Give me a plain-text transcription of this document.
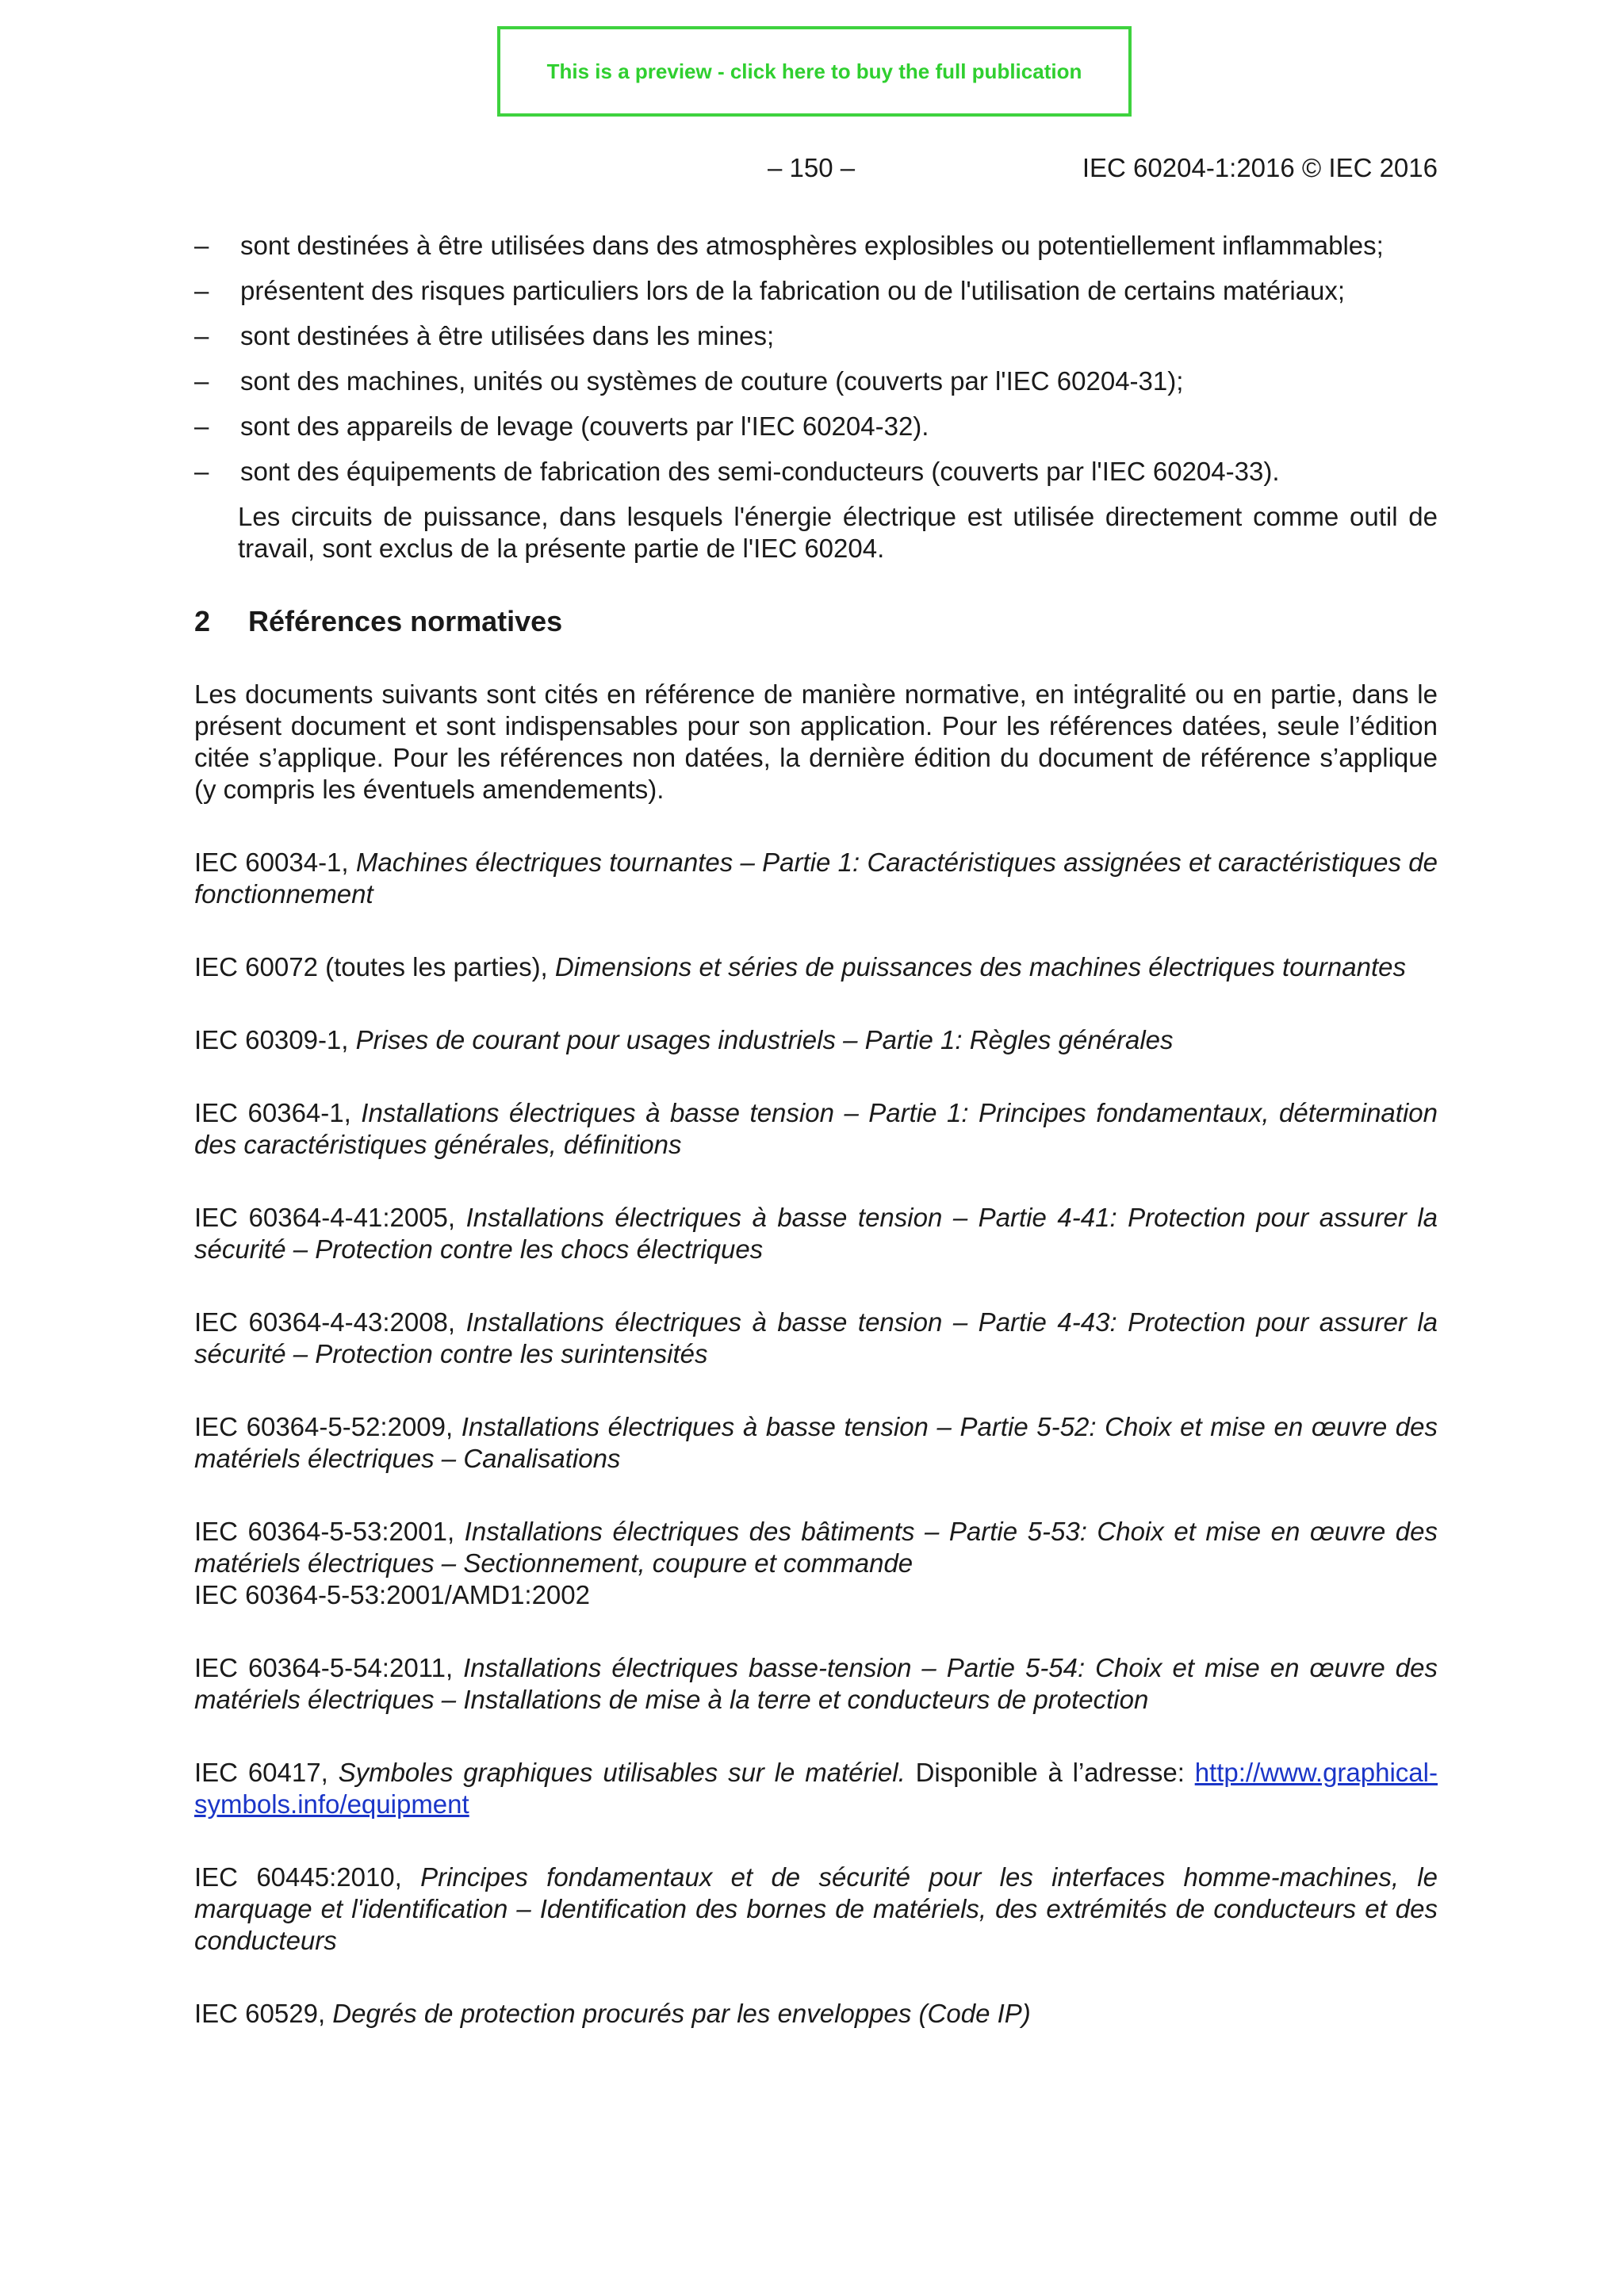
This is a preview - click here to buy the full publication
– 150 –	IEC 60204-1:2016 © IEC 2016
– sont destinées à être utilisées dans des atmosphères explosibles ou potentiellement inflammables;
– présentent des risques particuliers lors de la fabrication ou de l'utilisation de certains matériaux;
– sont destinées à être utilisées dans les mines;
– sont des machines, unités ou systèmes de couture (couverts par l'IEC 60204-31);
– sont des appareils de levage (couverts par l'IEC 60204-32).
– sont des équipements de fabrication des semi-conducteurs (couverts par l'IEC 60204-33).

Les circuits de puissance, dans lesquels l'énergie électrique est utilisée directement comme outil de travail, sont exclus de la présente partie de l'IEC 60204.

2	Références normatives

Les documents suivants sont cités en référence de manière normative, en intégralité ou en partie, dans le présent document et sont indispensables pour son application. Pour les références datées, seule l’édition citée s’applique. Pour les références non datées, la dernière édition du document de référence s’applique (y compris les éventuels amendements).

IEC 60034-1, Machines électriques tournantes – Partie 1: Caractéristiques assignées et caractéristiques de fonctionnement

IEC 60072 (toutes les parties), Dimensions et séries de puissances des machines électriques tournantes

IEC 60309-1, Prises de courant pour usages industriels – Partie 1: Règles générales

IEC 60364-1, Installations électriques à basse tension – Partie 1: Principes fondamentaux, détermination des caractéristiques générales, définitions

IEC 60364-4-41:2005, Installations électriques à basse tension – Partie 4-41: Protection pour assurer la sécurité – Protection contre les chocs électriques

IEC 60364-4-43:2008, Installations électriques à basse tension – Partie 4-43: Protection pour assurer la sécurité – Protection contre les surintensités

IEC 60364-5-52:2009, Installations électriques à basse tension – Partie 5-52: Choix et mise en œuvre des matériels électriques – Canalisations

IEC 60364-5-53:2001, Installations électriques des bâtiments – Partie 5-53: Choix et mise en œuvre des matériels électriques – Sectionnement, coupure et commande
IEC 60364-5-53:2001/AMD1:2002

IEC 60364-5-54:2011, Installations électriques basse-tension – Partie 5-54: Choix et mise en œuvre des matériels électriques – Installations de mise à la terre et conducteurs de protection

IEC 60417, Symboles graphiques utilisables sur le matériel. Disponible à l’adresse: http://www.graphical-symbols.info/equipment

IEC 60445:2010, Principes fondamentaux et de sécurité pour les interfaces homme-machines, le marquage et l'identification – Identification des bornes de matériels, des extrémités de conducteurs et des conducteurs

IEC 60529, Degrés de protection procurés par les enveloppes (Code IP)
